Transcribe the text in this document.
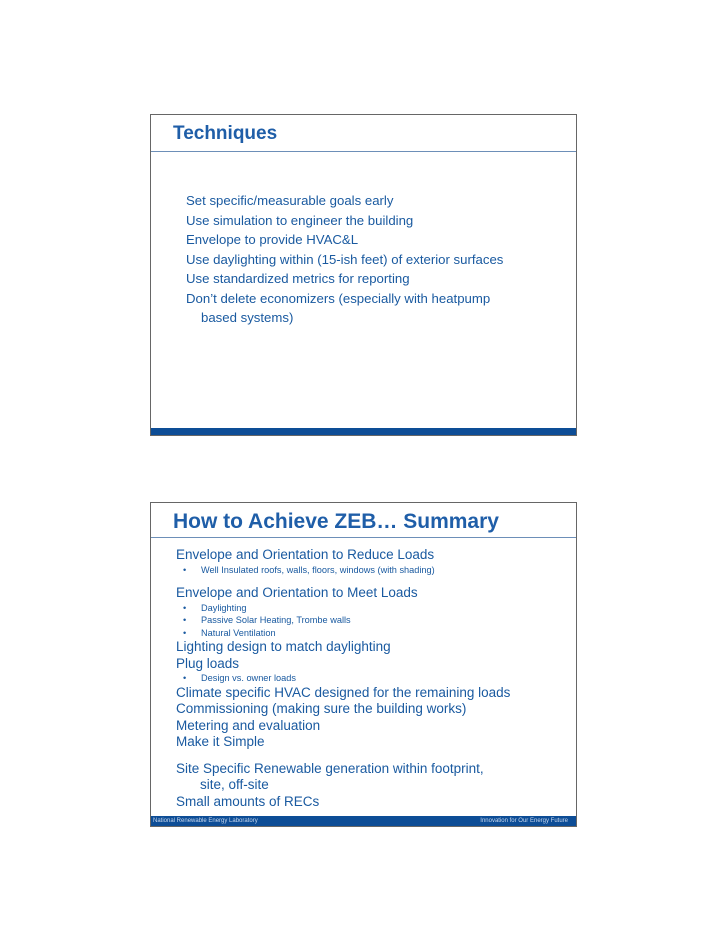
Techniques
Set specific/measurable goals early
Use simulation to engineer the building
Envelope to provide HVAC&L
Use daylighting within (15-ish feet) of exterior surfaces
Use standardized metrics for reporting
Don’t delete economizers (especially with heatpump
based systems)
How to Achieve ZEB… Summary
Envelope and Orientation to Reduce Loads
• Well Insulated roofs, walls, floors, windows (with shading)
Envelope and Orientation to Meet Loads
• Daylighting
• Passive Solar Heating, Trombe walls
• Natural Ventilation
Lighting design to match daylighting
Plug loads
• Design vs. owner loads
Climate specific HVAC designed for the remaining loads
Commissioning (making sure the building works)
Metering and evaluation
Make it Simple
Site Specific Renewable generation within footprint,
site, off-site
Small amounts of RECs
National Renewable Energy Laboratory	Innovation for Our Energy Future
